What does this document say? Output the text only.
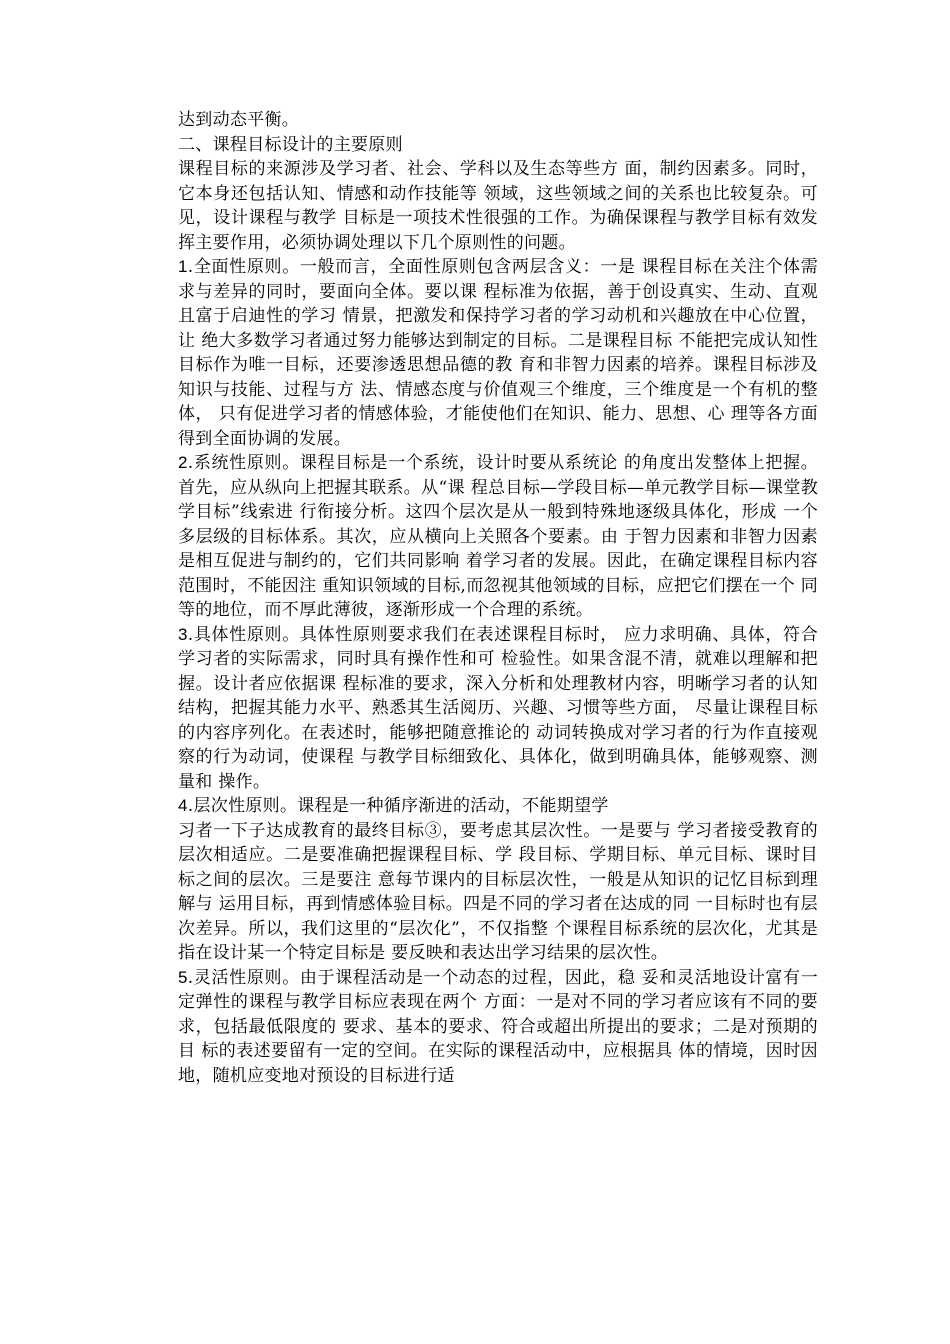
达到动态平衡。

二、课程目标设计的主要原则

课程目标的来源涉及学习者、社会、学科以及生态等些方 面，制约因素多。同时，它本身还包括认知、情感和动作技能等 领域，这些领域之间的关系也比较复杂。可见，设计课程与教学 目标是一项技术性很强的工作。为确保课程与教学目标有效发 挥主要作用，必须协调处理以下几个原则性的问题。

1.全面性原则。一般而言，全面性原则包含两层含义：一是 课程目标在关注个体需求与差异的同时，要面向全体。要以课 程标准为依据，善于创设真实、生动、直观且富于启迪性的学习 情景，把激发和保持学习者的学习动机和兴趣放在中心位置，让 绝大多数学习者通过努力能够达到制定的目标。二是课程目标 不能把完成认知性目标作为唯一目标，还要渗透思想品德的教 育和非智力因素的培养。课程目标涉及知识与技能、过程与方 法、情感态度与价值观三个维度，三个维度是一个有机的整体， 只有促进学习者的情感体验，才能使他们在知识、能力、思想、心 理等各方面得到全面协调的发展。

2.系统性原则。课程目标是一个系统，设计时要从系统论 的角度出发整体上把握。首先，应从纵向上把握其联系。从“课 程总目标—学段目标—单元教学目标—课堂教学目标”线索进 行衔接分析。这四个层次是从一般到特殊地逐级具体化，形成 一个多层级的目标体系。其次，应从横向上关照各个要素。由 于智力因素和非智力因素是相互促进与制约的，它们共同影响 着学习者的发展。因此，在确定课程目标内容范围时，不能因注 重知识领域的目标,而忽视其他领域的目标，应把它们摆在一个 同等的地位，而不厚此薄彼，逐渐形成一个合理的系统。

3.具体性原则。具体性原则要求我们在表述课程目标时， 应力求明确、具体，符合学习者的实际需求，同时具有操作性和可 检验性。如果含混不清，就难以理解和把握。设计者应依据课 程标准的要求，深入分析和处理教材内容，明晰学习者的认知 结构，把握其能力水平、熟悉其生活阅历、兴趣、习惯等些方面， 尽量让课程目标的内容序列化。在表述时，能够把随意推论的 动词转换成对学习者的行为作直接观察的行为动词，使课程 与教学目标细致化、具体化，做到明确具体，能够观察、测量和 操作。

4.层次性原则。课程是一种循序渐进的活动，不能期望学

习者一下子达成教育的最终目标③，要考虑其层次性。一是要与 学习者接受教育的层次相适应。二是要准确把握课程目标、学 段目标、学期目标、单元目标、课时目标之间的层次。三是要注 意每节课内的目标层次性，一般是从知识的记忆目标到理解与 运用目标，再到情感体验目标。四是不同的学习者在达成的同 一目标时也有层次差异。所以，我们这里的“层次化”，不仅指整 个课程目标系统的层次化，尤其是指在设计某一个特定目标是 要反映和表达出学习结果的层次性。

5.灵活性原则。由于课程活动是一个动态的过程，因此，稳 妥和灵活地设计富有一定弹性的课程与教学目标应表现在两个 方面：一是对不同的学习者应该有不同的要求，包括最低限度的 要求、基本的要求、符合或超出所提出的要求；二是对预期的目 标的表述要留有一定的空间。在实际的课程活动中，应根据具 体的情境，因时因地，随机应变地对预设的目标进行适
